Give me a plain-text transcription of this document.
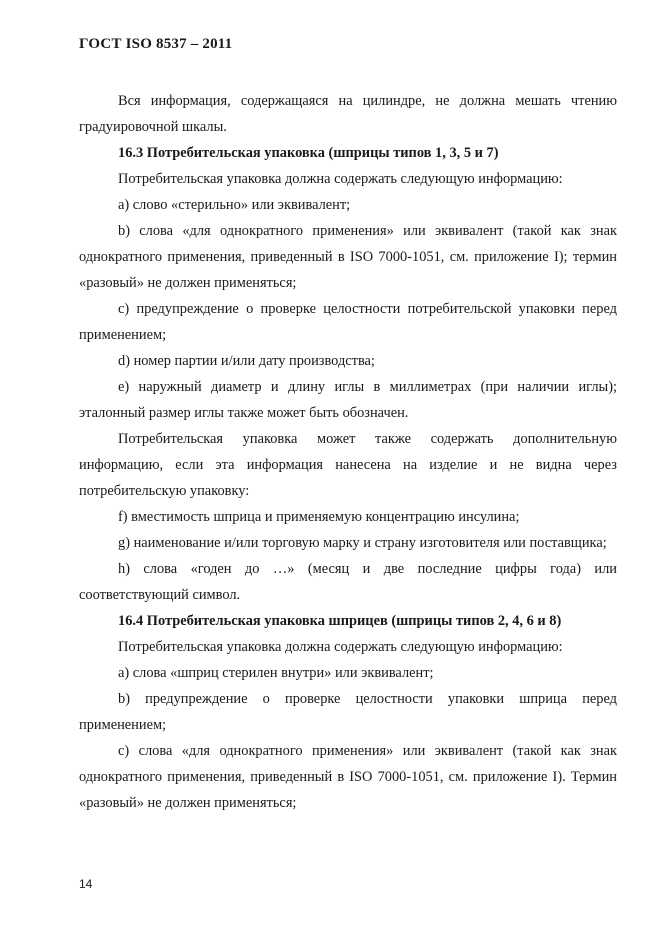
ГОСТ ISO 8537 – 2011

Вся информация, содержащаяся на цилиндре, не должна мешать чтению градуировочной шкалы.

16.3 Потребительская упаковка (шприцы типов 1, 3, 5 и 7)

Потребительская упаковка должна содержать следующую информацию:

a) слово «стерильно» или эквивалент;

b) слова «для однократного применения» или эквивалент (такой как знак однократного применения, приведенный в ISO 7000-1051, см. приложение I); термин «разовый» не должен применяться;

c) предупреждение о проверке целостности потребительской упаковки перед применением;

d) номер партии и/или дату производства;

e) наружный диаметр и длину иглы в миллиметрах (при наличии иглы); эталонный размер иглы также может быть обозначен.

Потребительская упаковка может также содержать дополнительную информацию, если эта информация нанесена на изделие и не видна через потребительскую упаковку:

f) вместимость шприца и применяемую концентрацию инсулина;

g) наименование и/или торговую марку и страну изготовителя или поставщика;

h) слова «годен до …» (месяц и две последние цифры года) или соответствующий символ.

16.4 Потребительская упаковка шприцев (шприцы типов 2, 4, 6 и 8)

Потребительская упаковка должна содержать следующую информацию:

a) слова «шприц стерилен внутри» или эквивалент;

b) предупреждение о проверке целостности упаковки шприца перед применением;

c) слова «для однократного применения» или эквивалент (такой как знак однократного применения, приведенный в ISO 7000-1051, см. приложение I). Термин «разовый» не должен применяться;

14
